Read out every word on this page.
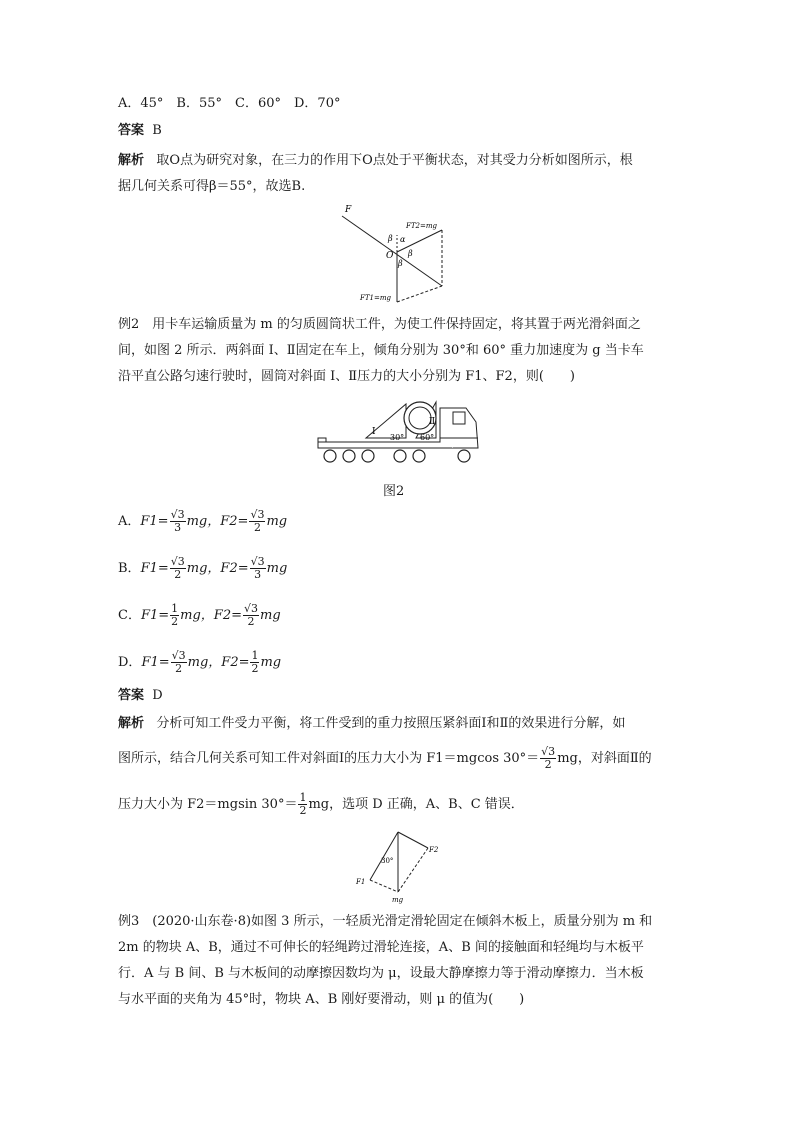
A．45°　B．55°　C．60°　D．70°
答案 B
解析 取O点为研究对象，在三力的作用下O点处于平衡状态，对其受力分析如图所示，根
据几何关系可得β＝55°，故选B.
F
FT2=mg
FT1=mg
O
α
β
β
β
例2　用卡车运输质量为 m 的匀质圆筒状工件，为使工件保持固定，将其置于两光滑斜面之
间，如图 2 所示．两斜面 Ⅰ、Ⅱ固定在车上，倾角分别为 30°和 60° 重力加速度为 g 当卡车
沿平直公路匀速行驶时，圆筒对斜面 Ⅰ、Ⅱ压力的大小分别为 F1、F2，则(　　)
Ⅰ
Ⅱ
30° 60°
图2
A．$F1= \frac{√3}{3}$ mg，$F2= \frac{√3}{2}$ mg
B．$F1= \frac{√3}{2}$ mg，$F2= \frac{√3}{3}$ mg
C．$F1= \frac{1}{2}$ mg，$F2= \frac{√3}{2}$ mg
D．$F1= \frac{√3}{2}$ mg，$F2= \frac{1}{2}$ mg
答案 D
解析 分析可知工件受力平衡，将工件受到的重力按照压紧斜面Ⅰ和Ⅱ的效果进行分解，如
图所示，结合几何关系可知工件对斜面Ⅰ的压力大小为 F1＝mgcos $30^\circ= \frac{√3}{2}$ mg，对斜面Ⅱ的
压力大小为 F2＝mgsin $30^\circ= \frac{1}{2}$ mg，选项 D 正确，A、B、C 错误．
30°
F2
F1
mg
例3　(2020·山东卷·8)如图 3 所示，一轻质光滑定滑轮固定在倾斜木板上，质量分别为 m 和
2m 的物块 A、B，通过不可伸长的轻绳跨过滑轮连接，A、B 间的接触面和轻绳均与木板平
行．A 与 B 间、B 与木板间的动摩擦因数均为 μ，设最大静摩擦力等于滑动摩擦力．当木板
与水平面的夹角为 45°时，物块 A、B 刚好要滑动，则 μ 的值为(　　)
